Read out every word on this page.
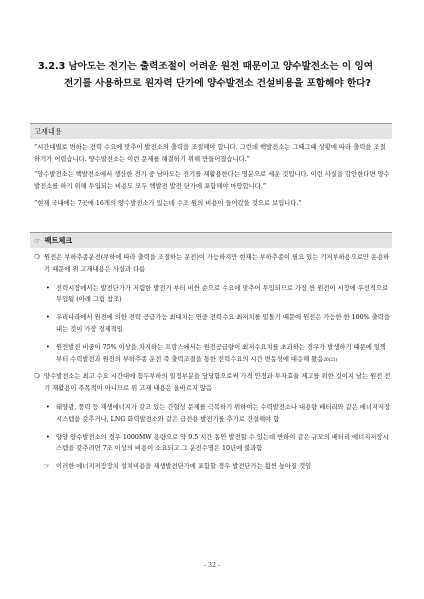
3.2.3 남아도는 전기는 출력조절이 어려운 원전 때문이고 양수발전소는 이 잉여
전기를 사용하므로 원자력 단가에 양수발전소 건설비용을 포함해야 한다?
고재내용

“시간대별로 변하는 전력 수요에 맞추어 발전소의 출력을 조절해야 합니다. 그런데 핵발전소는 그때그때 상황에 따라 출력을 조절하기가 어렵습니다. 양수발전소는 이런 문제를 해결하기 위해 만들어졌습니다.”

“양수발전소는 핵발전소에서 생산한 전기 중 남아도는 전기를 재활용한다는 명분으로 세운 것입니다. 이런 사실을 감안한다면 양수발전소를 하기 위해 투입되는 비용도 모두 핵발전 발전 단가에 포함해야 마땅합니다.”

“현재 국내에는 7곳에 16개의 양수발전소가 있는데 수조 원의 비용이 들어갔을 것으로 보입니다.”

☞ 팩트체크
❍ 원전은 부하추종운전(부하에 따라 출력을 조절하는 운전)이 가능하지만 현재는 부하추종이 필요 있는 기저부하용으로만 운용하기 때문에 위 고재내용은 사실과 다름
• 전력시장에서는 발전단가가 저렴한 발전기 부터 비싼 순으로 수요에 맞추어 투입되므로 가장 싼 원전이 시장에 우선적으로 투입됨 (아래 그림 참조)
• 우리나라에서 원전에 의한 전력 공급가능 최대치는 연중 전력수요 최저치를 밑돌기 때문에 원전은 가능한 한 100% 출력을 내는 것이 가장 경제적임
• 원전발전 비중이 75% 이상을 차지하는 프랑스에서는 원전공급량이 최저수요치를 초과하는 경우가 발생하기 때문에 일찍부터 수력발전과 원전의 부하추종 운전 즉 출력조절을 통한 전력수요의 시간 변동성에 대응해 왔음$^{20)21)}$
❍ 양수발전소는 최고 수요 시간대에 첨두부하의 일정부분을 담당함으로써 가격 안정과 투자효율 제고를 위한 것이지 남는 원전 전기 재활용이 주목적이 아니므로 위 고재 내용은 올바르지 않음
• 태양광, 풍력 등 재생에너지가 갖고 있는 간헐성 문제를 극복하기 위하여는 수력발전소나 대용량 배터리와 같은 에너지저장 시스템을 갖추거나, LNG 화력발전소와 같은 급전용 발전기를 추가로 건설해야 함
• 양양 양수발전소의 경우 1000MW 용량으로 약 9.5 시간 동안 발전할 수 있는데 반하여 같은 규모의 배터리 에너지저장시스템을 갖추려면 7조 이상의 비용이 소요되고 그 운전수명은 10년에 불과함
☞ 이러한 에너지저장장치 설치비용을 재생발전단가에 포함할 경우 발전단가는 훨씬 높아질 것임
- 32 -
